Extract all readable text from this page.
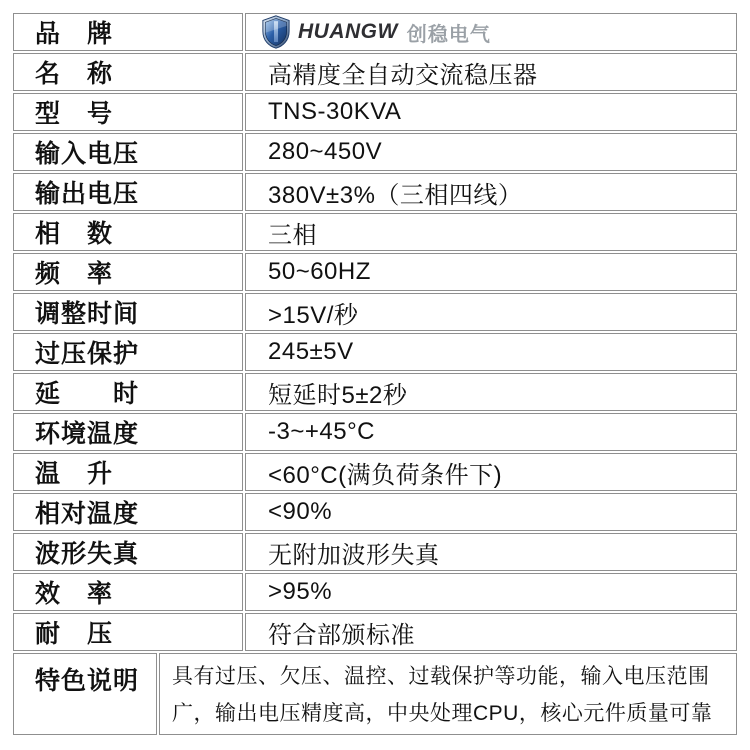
品　牌	HUANGW 创稳电气
名　称	高精度全自动交流稳压器
型　号	TNS-30KVA
输入电压	280~450V
输出电压	380V±3%（三相四线）
相　数	三相
频　率	50~60HZ
调整时间	>15V/秒
过压保护	245±5V
延　　时	短延时5±2秒
环境温度	-3~+45°C
温　升	<60°C(满负荷条件下)
相对温度	<90%
波形失真	无附加波形失真
效　率	>95%
耐　压	符合部颁标准
特色说明	具有过压、欠压、温控、过载保护等功能，输入电压范围广，输出电压精度高，中央处理CPU，核心元件质量可靠
